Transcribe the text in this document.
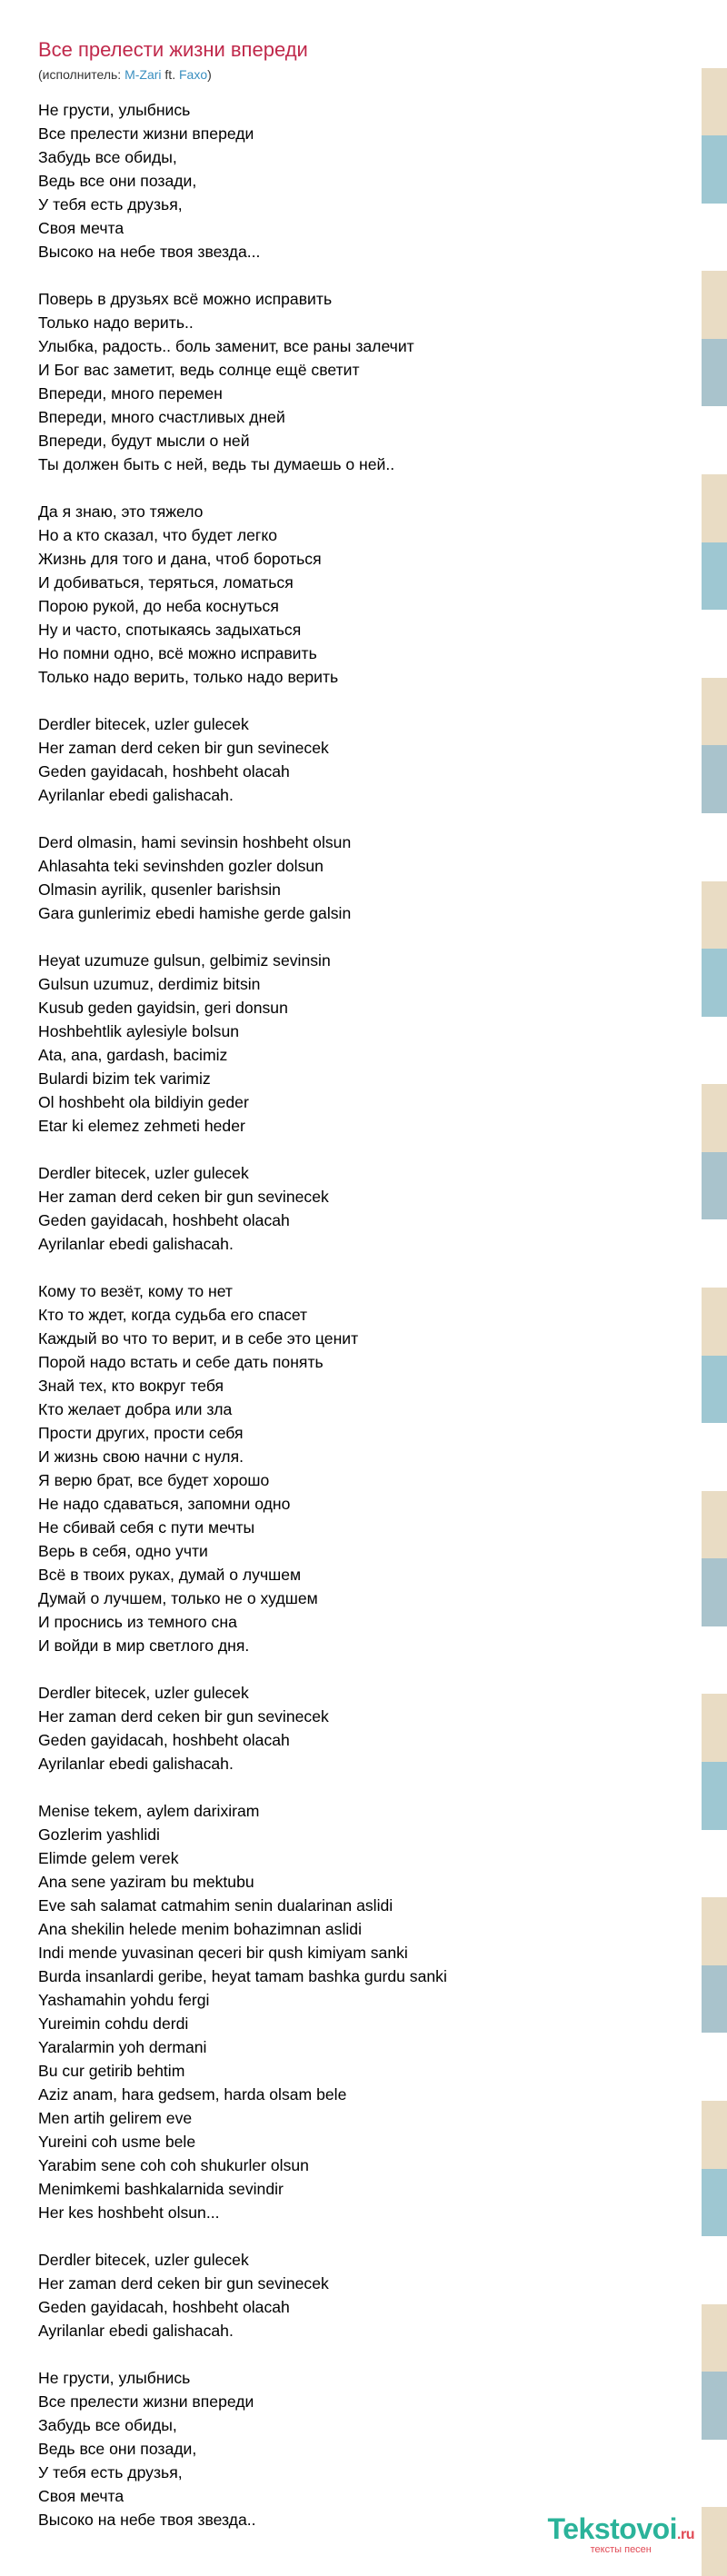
Все прелести жизни впереди
(исполнитель: M-Zari ft. Faxo)
Не грусти, улыбнись
Все прелести жизни впереди
Забудь все обиды,
Ведь все они позади,
У тебя есть друзья,
Своя мечта
Высоко на небе твоя звезда...
Поверь в друзьях всё можно исправить
Только надо верить..
Улыбка, радость.. боль заменит, все раны залечит
И Бог вас заметит, ведь солнце ещё светит
Впереди, много перемен
Впереди, много счастливых дней
Впереди, будут мысли о ней
Ты должен быть с ней, ведь ты думаешь о ней..
Да я знаю, это тяжело
Но а кто сказал, что будет легко
Жизнь для того и дана, чтоб бороться
И добиваться, теряться, ломаться
Порою рукой, до неба коснуться
Ну и часто, спотыкаясь задыхаться
Но помни одно, всё можно исправить
Только надо верить, только надо верить
Derdler bitecek, uzler gulecek
Her zaman derd ceken bir gun sevinecek
Geden gayidacah, hoshbeht olacah
Ayrilanlar ebedi galishacah.
Derd olmasin, hami sevinsin hoshbeht olsun
Ahlasahta teki sevinshden gozler dolsun
Olmasin ayrilik, qusenler barishsin
Gara gunlerimiz ebedi hamishe gerde galsin
Heyat uzumuze gulsun, gelbimiz sevinsin
Gulsun uzumuz, derdimiz bitsin
Kusub geden gayidsin, geri donsun
Hoshbehtlik aylesiyle bolsun
Ata, ana, gardash, bacimiz
Bulardi bizim tek varimiz
Ol hoshbeht ola bildiyin geder
Etar ki elemez zehmeti heder
Derdler bitecek, uzler gulecek
Her zaman derd ceken bir gun sevinecek
Geden gayidacah, hoshbeht olacah
Ayrilanlar ebedi galishacah.
Кому то везёт, кому то нет
Кто то ждет, когда судьба его спасет
Каждый во что то верит, и в себе это ценит
Порой надо встать и себе дать понять
Знай тех, кто вокруг тебя
Кто желает добра или зла
Прости других, прости себя
И жизнь свою начни с нуля.
Я верю брат, все будет хорошо
Не надо сдаваться, запомни одно
Не сбивай себя с пути мечты
Верь в себя, одно учти
Всё в твоих руках, думай о лучшем
Думай о лучшем, только не о худшем
И проснись из темного сна
И войди в мир светлого дня.
Derdler bitecek, uzler gulecek
Her zaman derd ceken bir gun sevinecek
Geden gayidacah, hoshbeht olacah
Ayrilanlar ebedi galishacah.
Menise tekem, aylem darixiram
Gozlerim yashlidi
Elimde gelem verek
Ana sene yaziram bu mektubu
Eve sah salamat catmahim senin dualarinan aslidi
Ana shekilin helede menim bohazimnan aslidi
Indi mende yuvasinan qeceri bir qush kimiyam sanki
Burda insanlardi geribe, heyat tamam bashka gurdu sanki
Yashamahin yohdu fergi
Yureimin cohdu derdi
Yaralarmin yoh dermani
Bu cur getirib behtim
Aziz anam, hara gedsem, harda olsam bele
Men artih gelirem eve
Yureini coh usme bele
Yarabim sene coh coh shukurler olsun
Menimkemi bashkalarnida sevindir
Her kes hoshbeht olsun...
Derdler bitecek, uzler gulecek
Her zaman derd ceken bir gun sevinecek
Geden gayidacah, hoshbeht olacah
Ayrilanlar ebedi galishacah.
Не грусти, улыбнись
Все прелести жизни впереди
Забудь все обиды,
Ведь все они позади,
У тебя есть друзья,
Своя мечта
Высоко на небе твоя звезда..	Tekstovoi.ru
тексты песен
